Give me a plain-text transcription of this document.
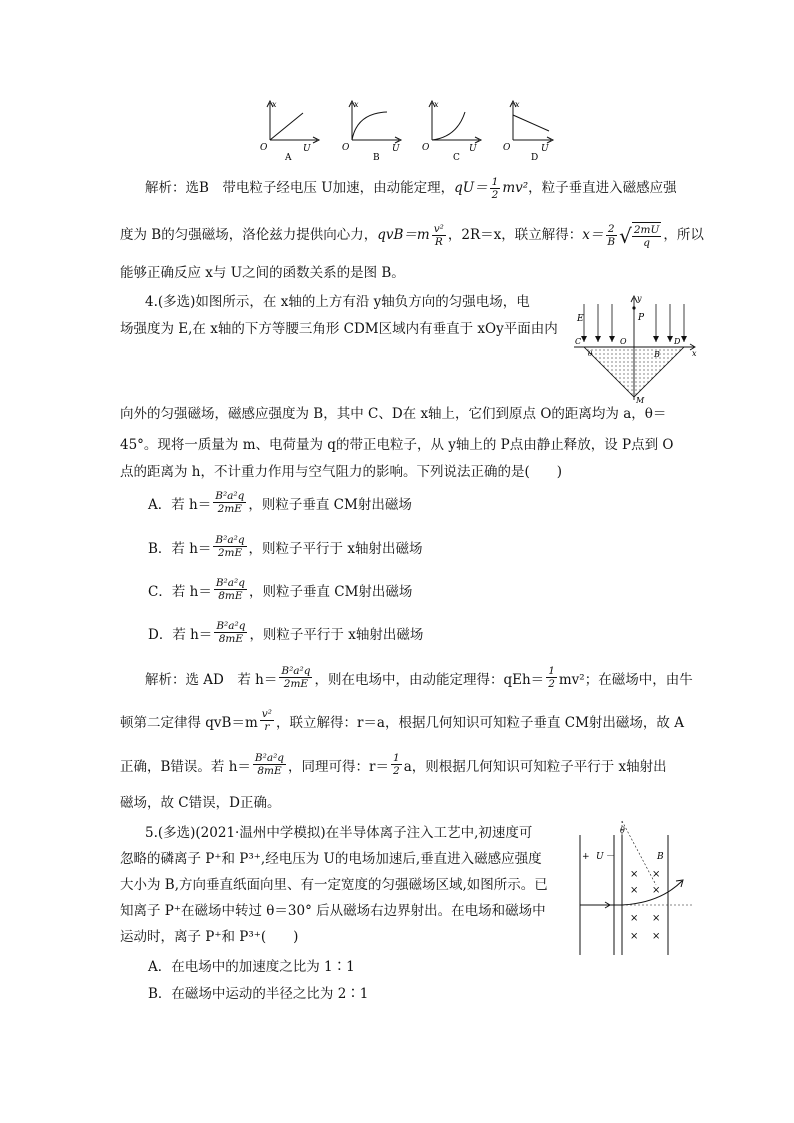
x
O	U
A
x
O	U
B
x
O	U
C
x
O	U
D
解析：选B　带电粒子经电压 U加速，由动能定理，$qU= \frac{1}{2} mv^2$，粒子垂直进入磁感应强
度为 B的匀强磁场，洛伦兹力提供向心力，$qvB=m \frac{\text{v²}}{R}$ ，2R＝x，联立解得：$x= \frac{2}{B}$ √ $\frac{2mU}{q}$ ，所以
能够正确反应 x与 U之间的函数关系的是图 B。
4.(多选)如图所示，在 x轴的上方有沿 y轴负方向的匀强电场，电
场强度为 E,在 x轴的下方等腰三角形 CDM区域内有垂直于 xOy平面由内
E	P
y
C	O	D
x
θ	B
M
向外的匀强磁场，磁感应强度为 B，其中 C、D在 x轴上，它们到原点 O的距离均为 a，θ＝
45°。现将一质量为 m、电荷量为 q的带正电粒子，从 y轴上的 P点由静止释放，设 P点到 O
点的距离为 h，不计重力作用与空气阻力的影响。下列说法正确的是(　　)
A．若 $h= \frac{\text{B²a²q}}{2mE}$ ，则粒子垂直 CM射出磁场
B．若 $h= \frac{\text{B²a²q}}{2mE}$ ，则粒子平行于 x轴射出磁场
C．若 $h= \frac{\text{B²a²q}}{8mE}$ ，则粒子垂直 CM射出磁场
D．若 $h= \frac{\text{B²a²q}}{8mE}$ ，则粒子平行于 x轴射出磁场
解析：选 AD　若 $h= \frac{\text{B²a²q}}{2mE}$ ，则在电场中，由动能定理得：$qEh= \frac{1}{2} mv^2$；在磁场中，由牛
顿第二定律得 $qvB=m \frac{\text{v²}}{r}$ ，联立解得：r＝a，根据几何知识可知粒子垂直 CM射出磁场，故 A
正确，B错误。若 $h= \frac{\text{B²a²q}}{8mE}$ ，同理可得：$r= \frac{1}{2}$ a，则根据几何知识可知粒子平行于 x轴射出
磁场，故 C错误，D正确。
5.(多选)(2021·温州中学模拟)在半导体离子注入工艺中,初速度可
忽略的磷离子 P⁺和 P³⁺,经电压为 U的电场加速后,垂直进入磁感应强度
大小为 B,方向垂直纸面向里、有一定宽度的匀强磁场区域,如图所示。已
知离子 P⁺在磁场中转过 θ＝30° 后从磁场右边界射出。在电场和磁场中
运动时，离子 P⁺和 P³⁺(　　)
+ U －	B
θ
× ×
× ×
× ×
× ×
A．在电场中的加速度之比为 1∶1
B．在磁场中运动的半径之比为 2∶1
